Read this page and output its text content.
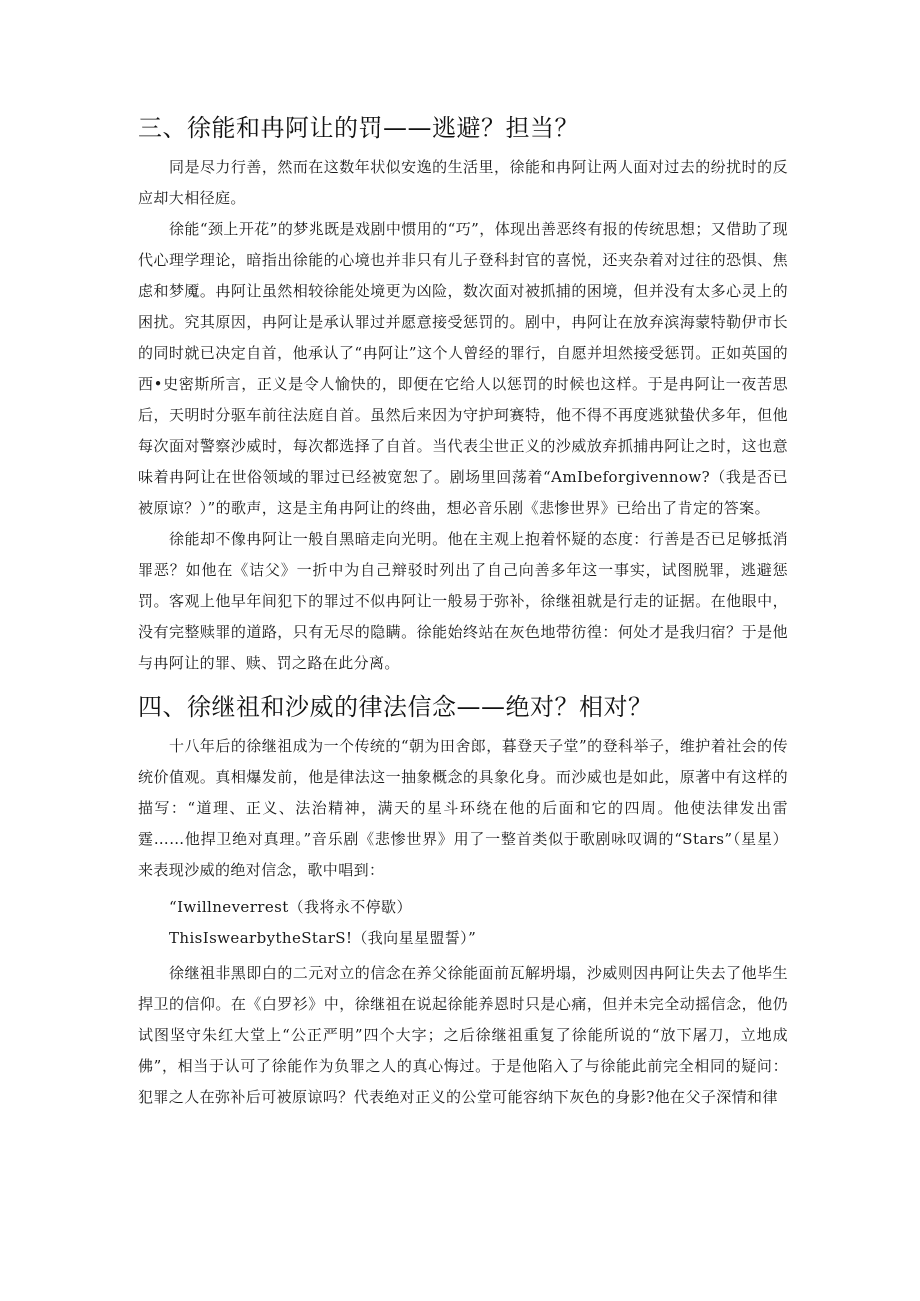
三、徐能和冉阿让的罚——逃避？担当？

同是尽力行善，然而在这数年状似安逸的生活里，徐能和冉阿让两人面对过去的纷扰时的反应却大相径庭。

徐能“颈上开花”的梦兆既是戏剧中惯用的“巧”，体现出善恶终有报的传统思想；又借助了现代心理学理论，暗指出徐能的心境也并非只有儿子登科封官的喜悦，还夹杂着对过往的恐惧、焦虑和梦魇。冉阿让虽然相较徐能处境更为凶险，数次面对被抓捕的困境，但并没有太多心灵上的困扰。究其原因，冉阿让是承认罪过并愿意接受惩罚的。剧中，冉阿让在放弃滨海蒙特勒伊市长的同时就已决定自首，他承认了“冉阿让”这个人曾经的罪行，自愿并坦然接受惩罚。正如英国的西•史密斯所言，正义是令人愉快的，即便在它给人以惩罚的时候也这样。于是冉阿让一夜苦思后，天明时分驱车前往法庭自首。虽然后来因为守护珂赛特，他不得不再度逃狱蛰伏多年，但他每次面对警察沙威时，每次都选择了自首。当代表尘世正义的沙威放弃抓捕冉阿让之时，这也意味着冉阿让在世俗领域的罪过已经被宽恕了。剧场里回荡着“AmIbeforgivennow?（我是否已被原谅？）”的歌声，这是主角冉阿让的终曲，想必音乐剧《悲惨世界》已给出了肯定的答案。

徐能却不像冉阿让一般自黑暗走向光明。他在主观上抱着怀疑的态度：行善是否已足够抵消罪恶？如他在《诘父》一折中为自己辩驳时列出了自己向善多年这一事实，试图脱罪，逃避惩罚。客观上他早年间犯下的罪过不似冉阿让一般易于弥补，徐继祖就是行走的证据。在他眼中，没有完整赎罪的道路，只有无尽的隐瞒。徐能始终站在灰色地带彷徨：何处才是我归宿？于是他与冉阿让的罪、赎、罚之路在此分离。

四、徐继祖和沙威的律法信念——绝对？相对？

十八年后的徐继祖成为一个传统的“朝为田舍郎，暮登天子堂”的登科举子，维护着社会的传统价值观。真相爆发前，他是律法这一抽象概念的具象化身。而沙威也是如此，原著中有这样的描写：“道理、正义、法治精神，满天的星斗环绕在他的后面和它的四周。他使法律发出雷霆……他捍卫绝对真理。”音乐剧《悲惨世界》用了一整首类似于歌剧咏叹调的“Stars”（星星）来表现沙威的绝对信念，歌中唱到：

“Iwillneverrest（我将永不停歇）

ThisIswearbytheStarS!（我向星星盟誓）”

徐继祖非黑即白的二元对立的信念在养父徐能面前瓦解坍塌，沙威则因冉阿让失去了他毕生捍卫的信仰。在《白罗衫》中，徐继祖在说起徐能养恩时只是心痛，但并未完全动摇信念，他仍试图坚守朱红大堂上“公正严明”四个大字；之后徐继祖重复了徐能所说的“放下屠刀，立地成佛”，相当于认可了徐能作为负罪之人的真心悔过。于是他陷入了与徐能此前完全相同的疑问：犯罪之人在弥补后可被原谅吗？代表绝对正义的公堂可能容纳下灰色的身影?他在父子深情和律
